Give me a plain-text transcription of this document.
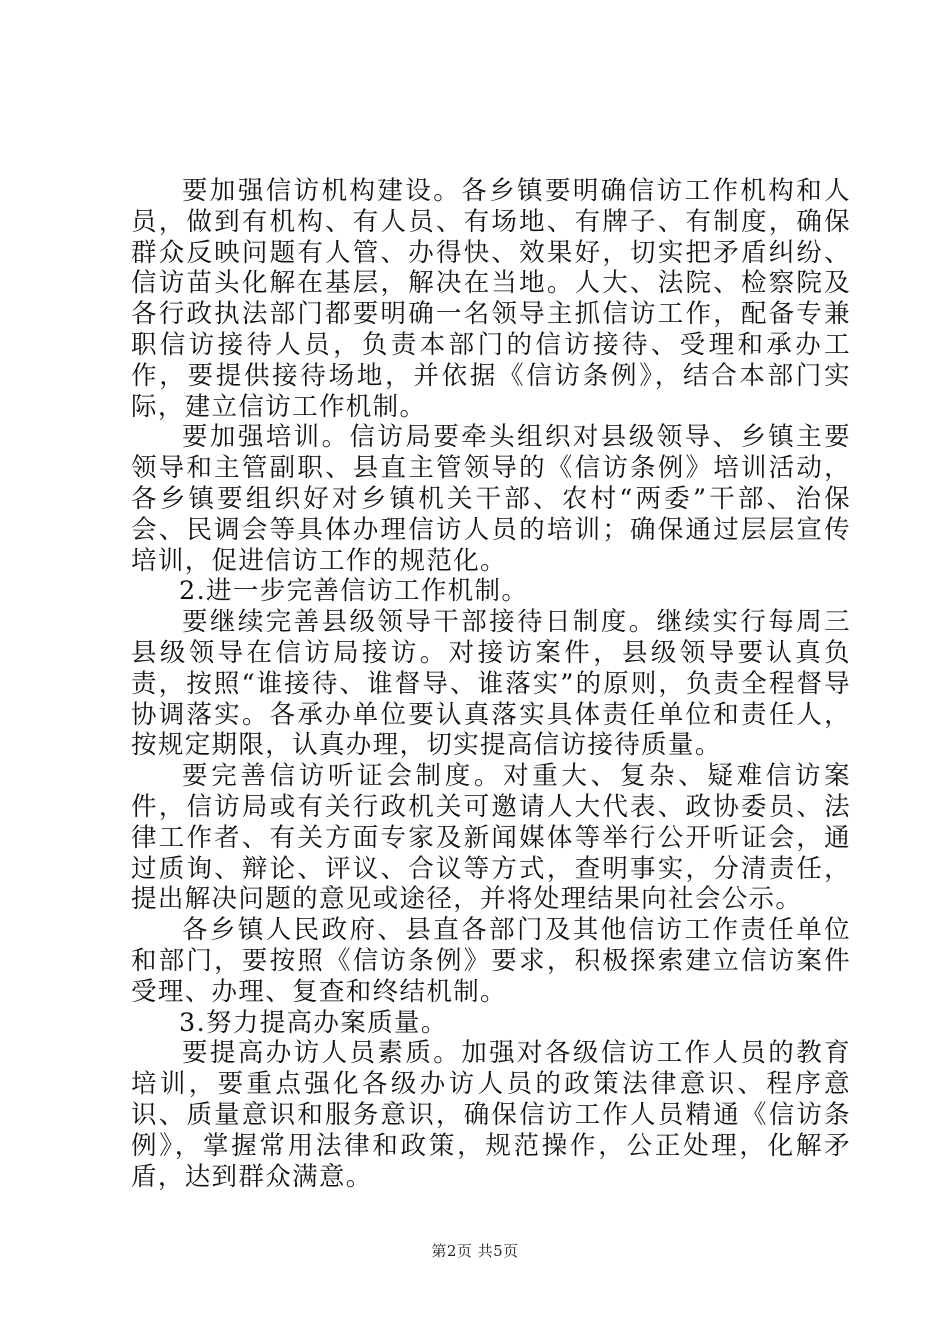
要加强信访机构建设。各乡镇要明确信访工作机构和人员，做到有机构、有人员、有场地、有牌子、有制度，确保群众反映问题有人管、办得快、效果好，切实把矛盾纠纷、信访苗头化解在基层，解决在当地。人大、法院、检察院及各行政执法部门都要明确一名领导主抓信访工作，配备专兼职信访接待人员，负责本部门的信访接待、受理和承办工作，要提供接待场地，并依据《信访条例》，结合本部门实际，建立信访工作机制。

要加强培训。信访局要牵头组织对县级领导、乡镇主要领导和主管副职、县直主管领导的《信访条例》培训活动，各乡镇要组织好对乡镇机关干部、农村“两委”干部、治保会、民调会等具体办理信访人员的培训；确保通过层层宣传培训，促进信访工作的规范化。

2.进一步完善信访工作机制。

要继续完善县级领导干部接待日制度。继续实行每周三县级领导在信访局接访。对接访案件，县级领导要认真负责，按照“谁接待、谁督导、谁落实”的原则，负责全程督导协调落实。各承办单位要认真落实具体责任单位和责任人，按规定期限，认真办理，切实提高信访接待质量。

要完善信访听证会制度。对重大、复杂、疑难信访案件，信访局或有关行政机关可邀请人大代表、政协委员、法律工作者、有关方面专家及新闻媒体等举行公开听证会，通过质询、辩论、评议、合议等方式，查明事实，分清责任，提出解决问题的意见或途径，并将处理结果向社会公示。

各乡镇人民政府、县直各部门及其他信访工作责任单位和部门，要按照《信访条例》要求，积极探索建立信访案件受理、办理、复查和终结机制。

3.努力提高办案质量。

要提高办访人员素质。加强对各级信访工作人员的教育培训，要重点强化各级办访人员的政策法律意识、程序意识、质量意识和服务意识，确保信访工作人员精通《信访条例》，掌握常用法律和政策，规范操作，公正处理，化解矛盾，达到群众满意。

第2页 共5页
